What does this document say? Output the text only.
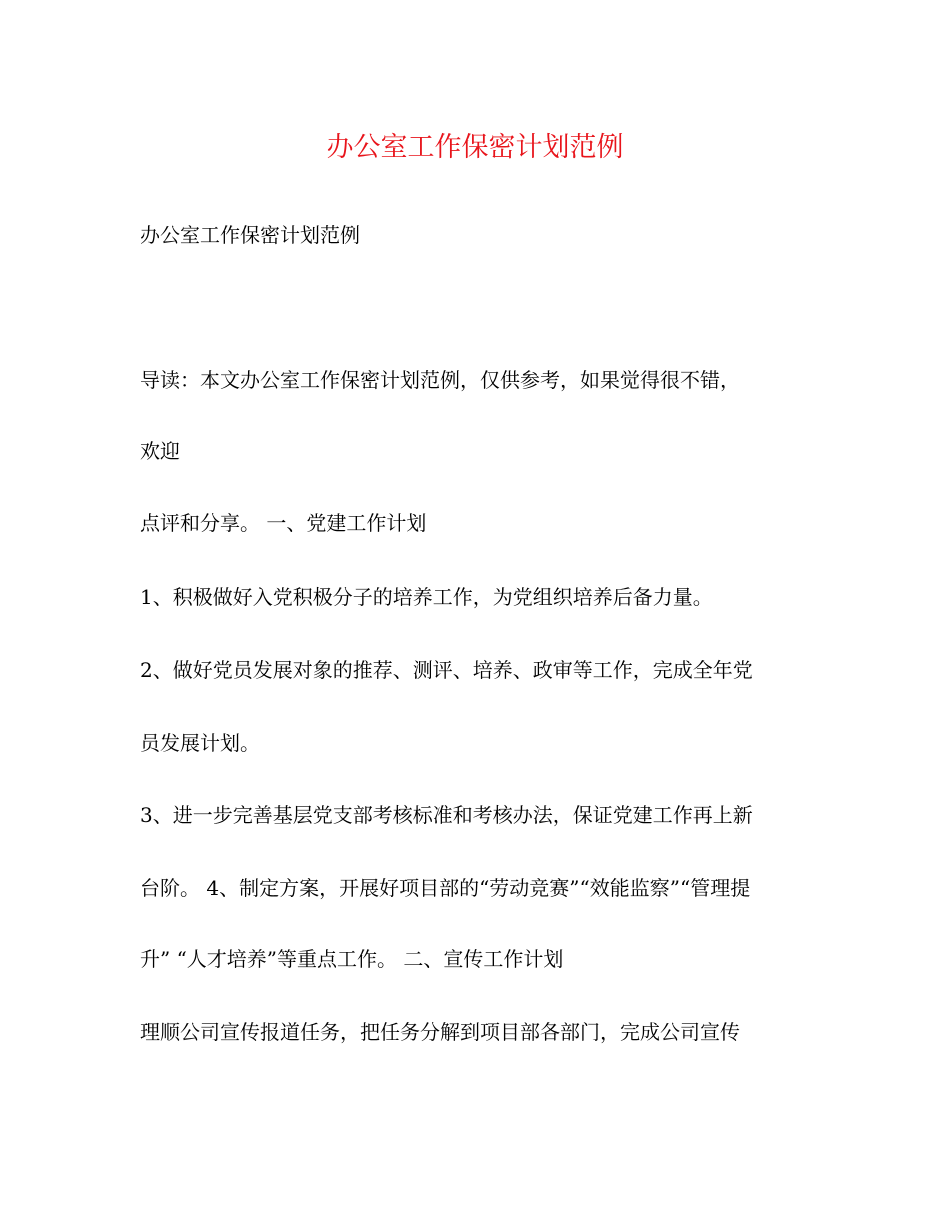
办公室工作保密计划范例
办公室工作保密计划范例
导读：本文办公室工作保密计划范例，仅供参考，如果觉得很不错，
欢迎
点评和分享。 一、党建工作计划
1、积极做好入党积极分子的培养工作，为党组织培养后备力量。
2、做好党员发展对象的推荐、测评、培养、政审等工作，完成全年党
员发展计划。
3、进一步完善基层党支部考核标准和考核办法，保证党建工作再上新
台阶。 4、制定方案，开展好项目部的“劳动竞赛”“效能监察”“管理提
升” “人才培养”等重点工作。 二、宣传工作计划
理顺公司宣传报道任务，把任务分解到项目部各部门，完成公司宣传
